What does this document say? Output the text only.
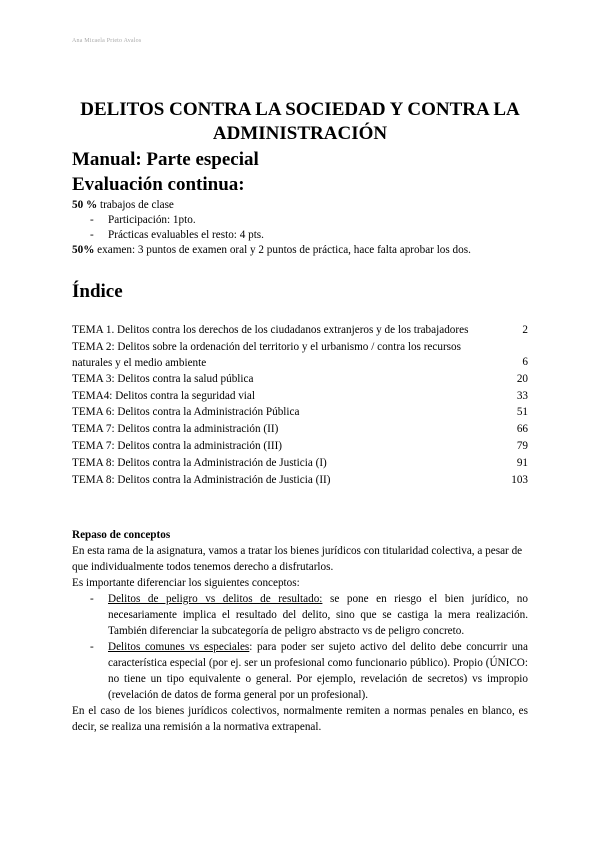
Ana Micaela Prieto Avalos
DELITOS CONTRA LA SOCIEDAD Y CONTRA LA ADMINISTRACIÓN
Manual: Parte especial
Evaluación continua:
50 % trabajos de clase
-	Participación: 1pto.
-	Prácticas evaluables el resto: 4 pts.
50% examen: 3 puntos de examen oral y 2 puntos de práctica, hace falta aprobar los dos.
Índice
TEMA 1. Delitos contra los derechos de los ciudadanos extranjeros y de los trabajadores	2
TEMA 2: Delitos sobre la ordenación del territorio y el urbanismo / contra los recursos naturales y el medio ambiente	6
TEMA 3: Delitos contra la salud pública	20
TEMA4: Delitos contra la seguridad vial	33
TEMA 6: Delitos contra la Administración Pública	51
TEMA 7: Delitos contra la administración (II)	66
TEMA 7: Delitos contra la administración (III)	79
TEMA 8: Delitos contra la Administración de Justicia (I)	91
TEMA 8: Delitos contra la Administración de Justicia (II)	103
Repaso de conceptos
En esta rama de la asignatura, vamos a tratar los bienes jurídicos con titularidad colectiva, a pesar de que individualmente todos tenemos derecho a disfrutarlos.
Es importante diferenciar los siguientes conceptos:
-	Delitos de peligro vs delitos de resultado: se pone en riesgo el bien jurídico, no necesariamente implica el resultado del delito, sino que se castiga la mera realización. También diferenciar la subcategoría de peligro abstracto vs de peligro concreto.
-	Delitos comunes vs especiales: para poder ser sujeto activo del delito debe concurrir una característica especial (por ej. ser un profesional como funcionario público). Propio (ÚNICO: no tiene un tipo equivalente o general. Por ejemplo, revelación de secretos) vs impropio (revelación de datos de forma general por un profesional).
En el caso de los bienes jurídicos colectivos, normalmente remiten a normas penales en blanco, es decir, se realiza una remisión a la normativa extrapenal.
